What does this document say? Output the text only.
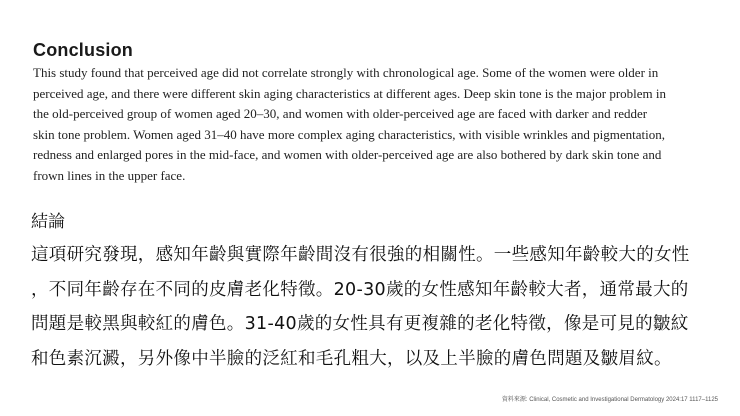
Conclusion
This study found that perceived age did not correlate strongly with chronological age. Some of the women were older in
perceived age, and there were different skin aging characteristics at different ages. Deep skin tone is the major problem in
the old-perceived group of women aged 20–30, and women with older-perceived age are faced with darker and redder
skin tone problem. Women aged 31–40 have more complex aging characteristics, with visible wrinkles and pigmentation,
redness and enlarged pores in the mid-face, and women with older-perceived age are also bothered by dark skin tone and
frown lines in the upper face.
結論
這項研究發現，感知年齡與實際年齡間沒有很強的相關性。一些感知年齡較大的女性
，不同年齡存在不同的皮膚老化特徵。20-30歲的女性感知年齡較大者，通常最大的
問題是較黑與較紅的膚色。31-40歲的女性具有更複雜的老化特徵，像是可見的皺紋
和色素沉澱，另外像中半臉的泛紅和毛孔粗大，以及上半臉的膚色問題及皺眉紋。
資料來源: Clinical, Cosmetic and Investigational Dermatology 2024:17 1117–1125
